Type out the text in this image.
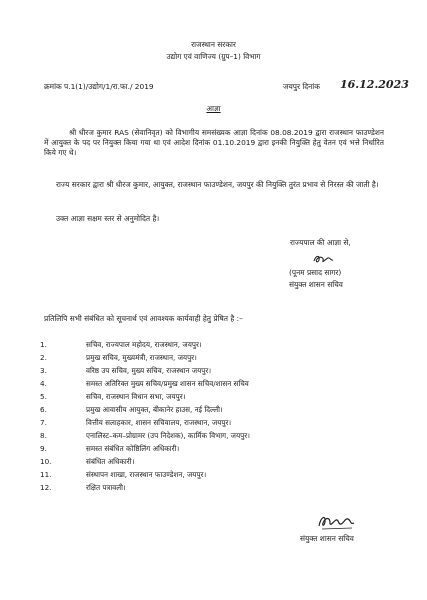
राजस्थान सरकार
उद्योग एवं वाणिज्य (ग्रुप–1) विभाग
क्रमांक प.1(1)/उद्योग/1/रा.फा./ 2019	जयपुर दिनांक 16.12.2023
आज्ञा
श्री धीरज कुमार RAS (सेवानिवृत) को विभागीय समसंख्यक आज्ञा दिनांक 08.08.2019 द्वारा राजस्थान फाउण्डेशन में आयुक्त के पद पर नियुक्त किया गया था एवं आदेश दिनांक 01.10.2019 द्वारा इनकी नियुक्ति हेतु वेतन एवं भत्ते निर्धारित किये गए थे।
राज्य सरकार द्वारा श्री धीरज कुमार, आयुक्त, राजस्थान फाउण्डेशन, जयपुर की नियुक्ति तुरंत प्रभाव से निरस्त की जाती है।
उक्त आज्ञा सक्षम स्तर से अनुमोदित है।
राज्यपाल की आज्ञा से,
(पूनम प्रसाद सागर)
संयुक्त शासन सचिव
प्रतिलिपि सभी संबंधित को सूचनार्थ एवं आवश्यक कार्यवाही हेतु प्रेषित है :–
1.	सचिव, राज्यपाल महोदय, राजस्थान, जयपुर।
2.	प्रमुख सचिव, मुख्यमंत्री, राजस्थान, जयपुर।
3.	वरिष्ठ उप सचिव, मुख्य सचिव, राजस्थान जयपुर।
4.	समस्त अतिरिक्त मुख्य सचिव/प्रमुख शासन सचिव/शासन सचिव
5.	सचिव, राजस्थान विधान सभा, जयपुर।
6.	प्रमुख आवासीय आयुक्त, बीकानेर हाउस, नई दिल्ली।
7.	वित्तीय सलाहकार, शासन सचिवालय, राजस्थान, जयपुर।
8.	एनालिस्ट–कम–प्रोग्रामर (उप निदेशक), कार्मिक विभाग, जयपुर।
9.	समस्त संबंधित कोष्ठिलिंग अधिकारी।
10.	संबंधित अधिकारी।
11.	संस्थापन शाखा, राजस्थान फाउण्डेशन, जयपुर।
12.	रक्षित पत्रावली।
संयुक्त शासन सचिव
